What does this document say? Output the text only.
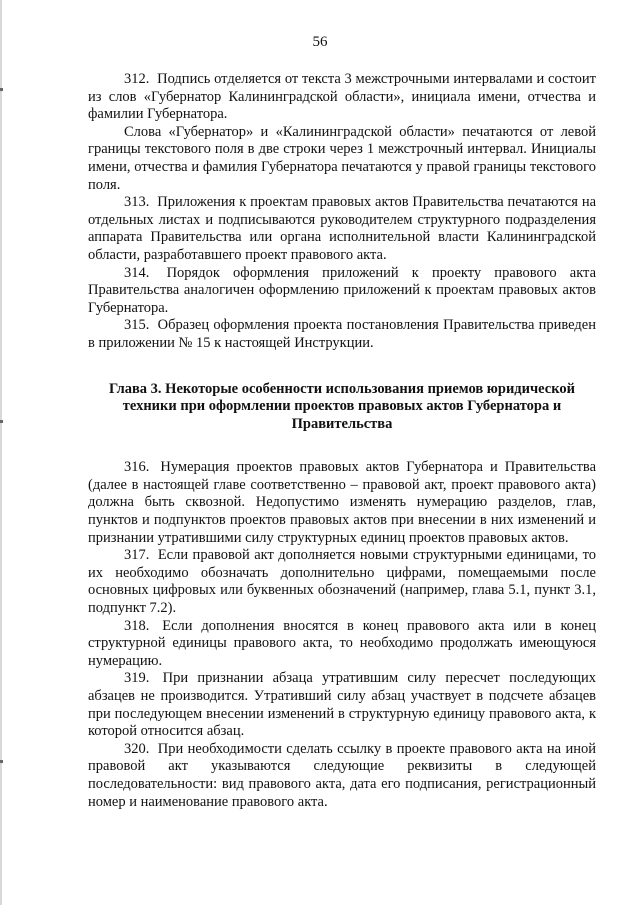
56

312. Подпись отделяется от текста 3 межстрочными интервалами и состоит из слов «Губернатор Калининградской области», инициала имени, отчества и фамилии Губернатора.

Слова «Губернатор» и «Калининградской области» печатаются от левой границы текстового поля в две строки через 1 межстрочный интервал. Инициалы имени, отчества и фамилия Губернатора печатаются у правой границы текстового поля.

313. Приложения к проектам правовых актов Правительства печатаются на отдельных листах и подписываются руководителем структурного подразделения аппарата Правительства или органа исполнительной власти Калининградской области, разработавшего проект правового акта.

314. Порядок оформления приложений к проекту правового акта Правительства аналогичен оформлению приложений к проектам правовых актов Губернатора.

315. Образец оформления проекта постановления Правительства приведен в приложении № 15 к настоящей Инструкции.

Глава 3. Некоторые особенности использования приемов юридической техники при оформлении проектов правовых актов Губернатора и Правительства

316. Нумерация проектов правовых актов Губернатора и Правительства (далее в настоящей главе соответственно – правовой акт, проект правового акта) должна быть сквозной. Недопустимо изменять нумерацию разделов, глав, пунктов и подпунктов проектов правовых актов при внесении в них изменений и признании утратившими силу структурных единиц проектов правовых актов.

317. Если правовой акт дополняется новыми структурными единицами, то их необходимо обозначать дополнительно цифрами, помещаемыми после основных цифровых или буквенных обозначений (например, глава 5.1, пункт 3.1, подпункт 7.2).

318. Если дополнения вносятся в конец правового акта или в конец структурной единицы правового акта, то необходимо продолжать имеющуюся нумерацию.

319. При признании абзаца утратившим силу пересчет последующих абзацев не производится. Утративший силу абзац участвует в подсчете абзацев при последующем внесении изменений в структурную единицу правового акта, к которой относится абзац.

320. При необходимости сделать ссылку в проекте правового акта на иной правовой акт указываются следующие реквизиты в следующей последовательности: вид правового акта, дата его подписания, регистрационный номер и наименование правового акта.
